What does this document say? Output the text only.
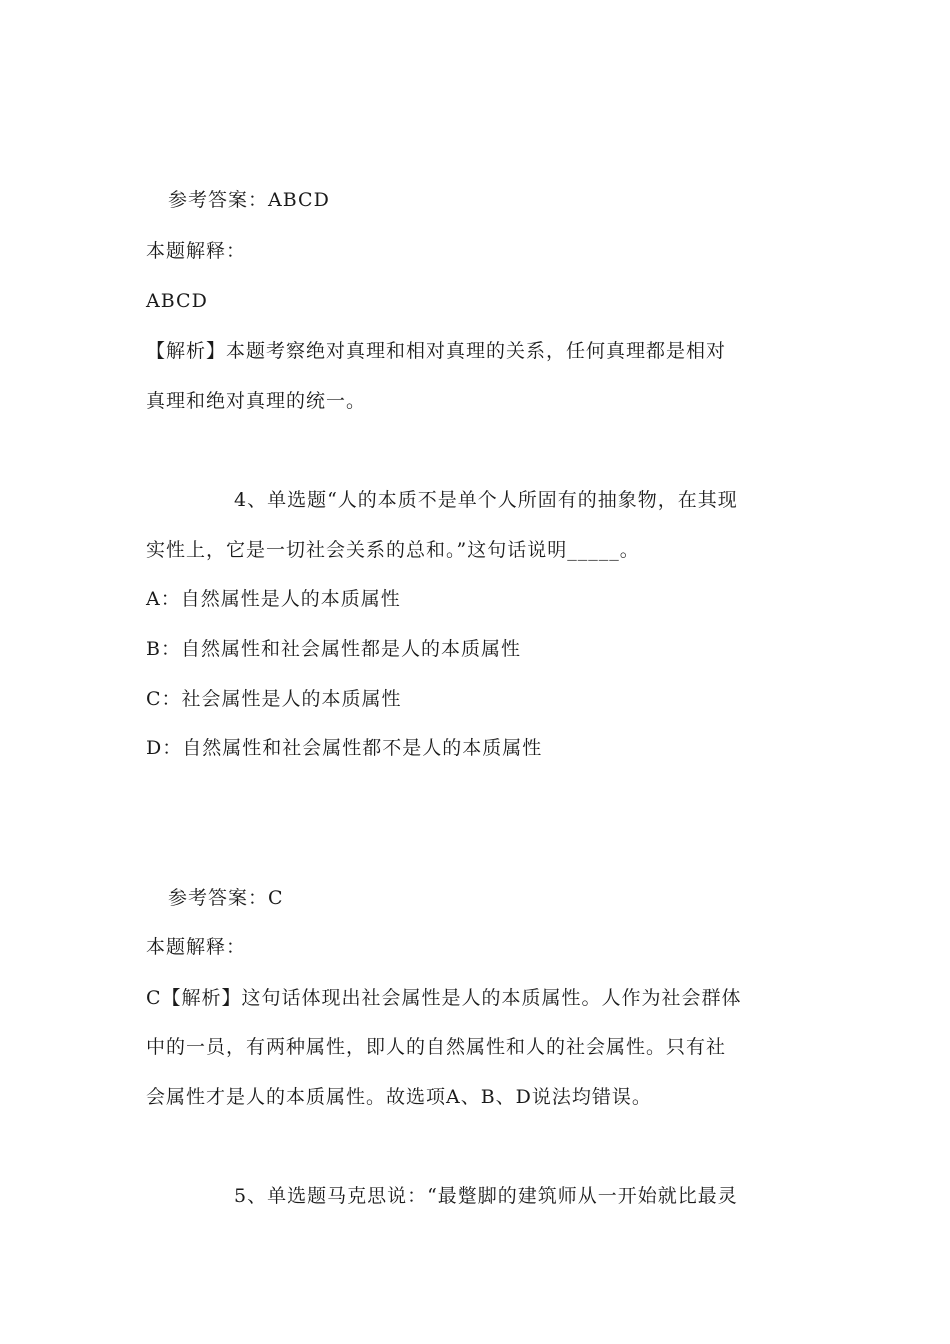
参考答案：ABCD
本题解释：
ABCD
【解析】本题考察绝对真理和相对真理的关系，任何真理都是相对
真理和绝对真理的统一。
4、单选题“人的本质不是单个人所固有的抽象物，在其现
实性上，它是一切社会关系的总和。”这句话说明_____。
A：自然属性是人的本质属性
B：自然属性和社会属性都是人的本质属性
C：社会属性是人的本质属性
D：自然属性和社会属性都不是人的本质属性
参考答案：C
本题解释：
C【解析】这句话体现出社会属性是人的本质属性。人作为社会群体
中的一员，有两种属性，即人的自然属性和人的社会属性。只有社
会属性才是人的本质属性。故选项A、B、D说法均错误。
5、单选题马克思说：“最蹩脚的建筑师从一开始就比最灵
